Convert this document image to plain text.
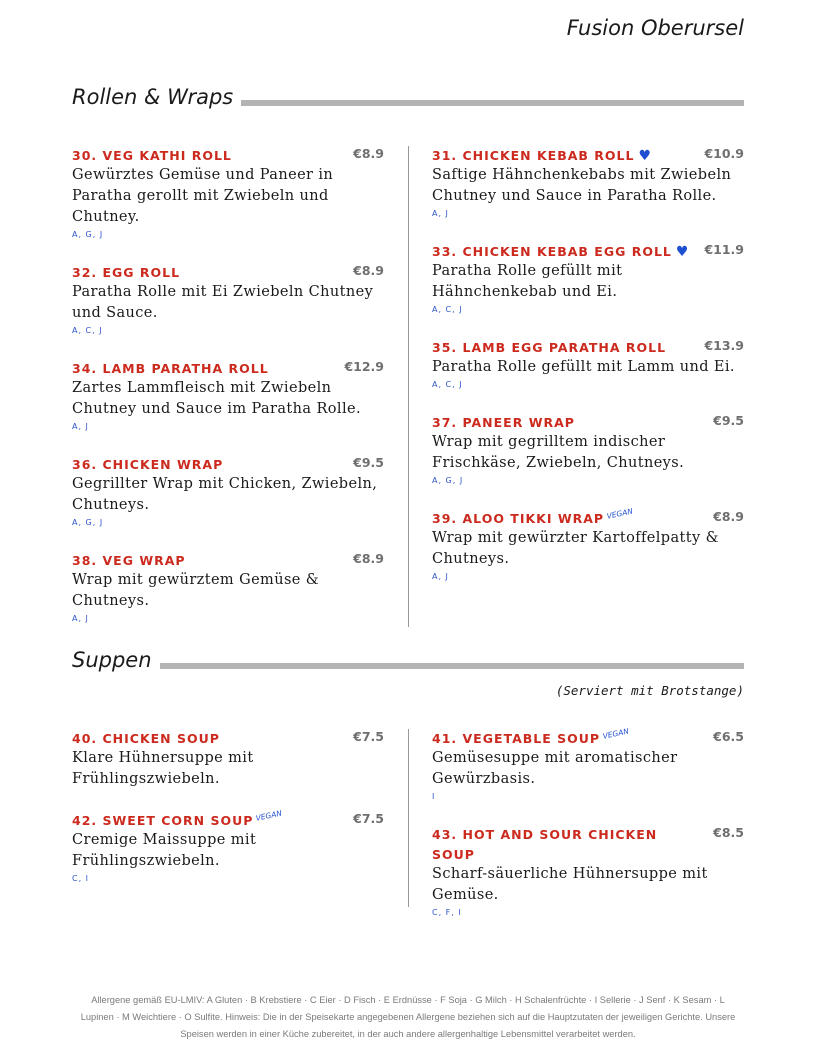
Fusion Oberursel
Rollen & Wraps
30. VEG KATHI ROLL	€8.9
Gewürztes Gemüse und Paneer in Paratha gerollt mit Zwiebeln und Chutney.
A, G, J
32. EGG ROLL	€8.9
Paratha Rolle mit Ei Zwiebeln Chutney und Sauce.
A, C, J
34. LAMB PARATHA ROLL	€12.9
Zartes Lammfleisch mit Zwiebeln Chutney und Sauce im Paratha Rolle.
A, J
36. CHICKEN WRAP	€9.5
Gegrillter Wrap mit Chicken, Zwiebeln, Chutneys.
A, G, J
38. VEG WRAP	€8.9
Wrap mit gewürztem Gemüse & Chutneys.
A, J
31. CHICKEN KEBAB ROLL ♥	€10.9
Saftige Hähnchenkebabs mit Zwiebeln Chutney und Sauce in Paratha Rolle.
A, J
33. CHICKEN KEBAB EGG ROLL ♥ €11.9
Paratha Rolle gefüllt mit Hähnchenkebab und Ei.
A, C, J
35. LAMB EGG PARATHA ROLL	€13.9
Paratha Rolle gefüllt mit Lamm und Ei.
A, C, J
37. PANEER WRAP	€9.5
Wrap mit gegrilltem indischer Frischkäse, Zwiebeln, Chutneys.
A, G, J
39. ALOO TIKKI WRAP VEGAN	€8.9
Wrap mit gewürzter Kartoffelpatty & Chutneys.
A, J
Suppen
(Serviert mit Brotstange)
40. CHICKEN SOUP	€7.5
Klare Hühnersuppe mit Frühlingszwiebeln.
42. SWEET CORN SOUP VEGAN	€7.5
Cremige Maissuppe mit Frühlingszwiebeln.
C, I
41. VEGETABLE SOUP VEGAN	€6.5
Gemüsesuppe mit aromatischer Gewürzbasis.
I
43. HOT AND SOUR CHICKEN SOUP
€8.5
Scharf-säuerliche Hühnersuppe mit Gemüse.
C, F, I
Allergene gemäß EU-LMIV: A Gluten · B Krebstiere · C Eier · D Fisch · E Erdnüsse · F Soja · G Milch · H Schalenfrüchte · I Sellerie · J Senf · K Sesam · L Lupinen · M Weichtiere · O Sulfite. Hinweis: Die in der Speisekarte angegebenen Allergene beziehen sich auf die Hauptzutaten der jeweiligen Gerichte. Unsere Speisen werden in einer Küche zubereitet, in der auch andere allergenhaltige Lebensmittel verarbeitet werden.
